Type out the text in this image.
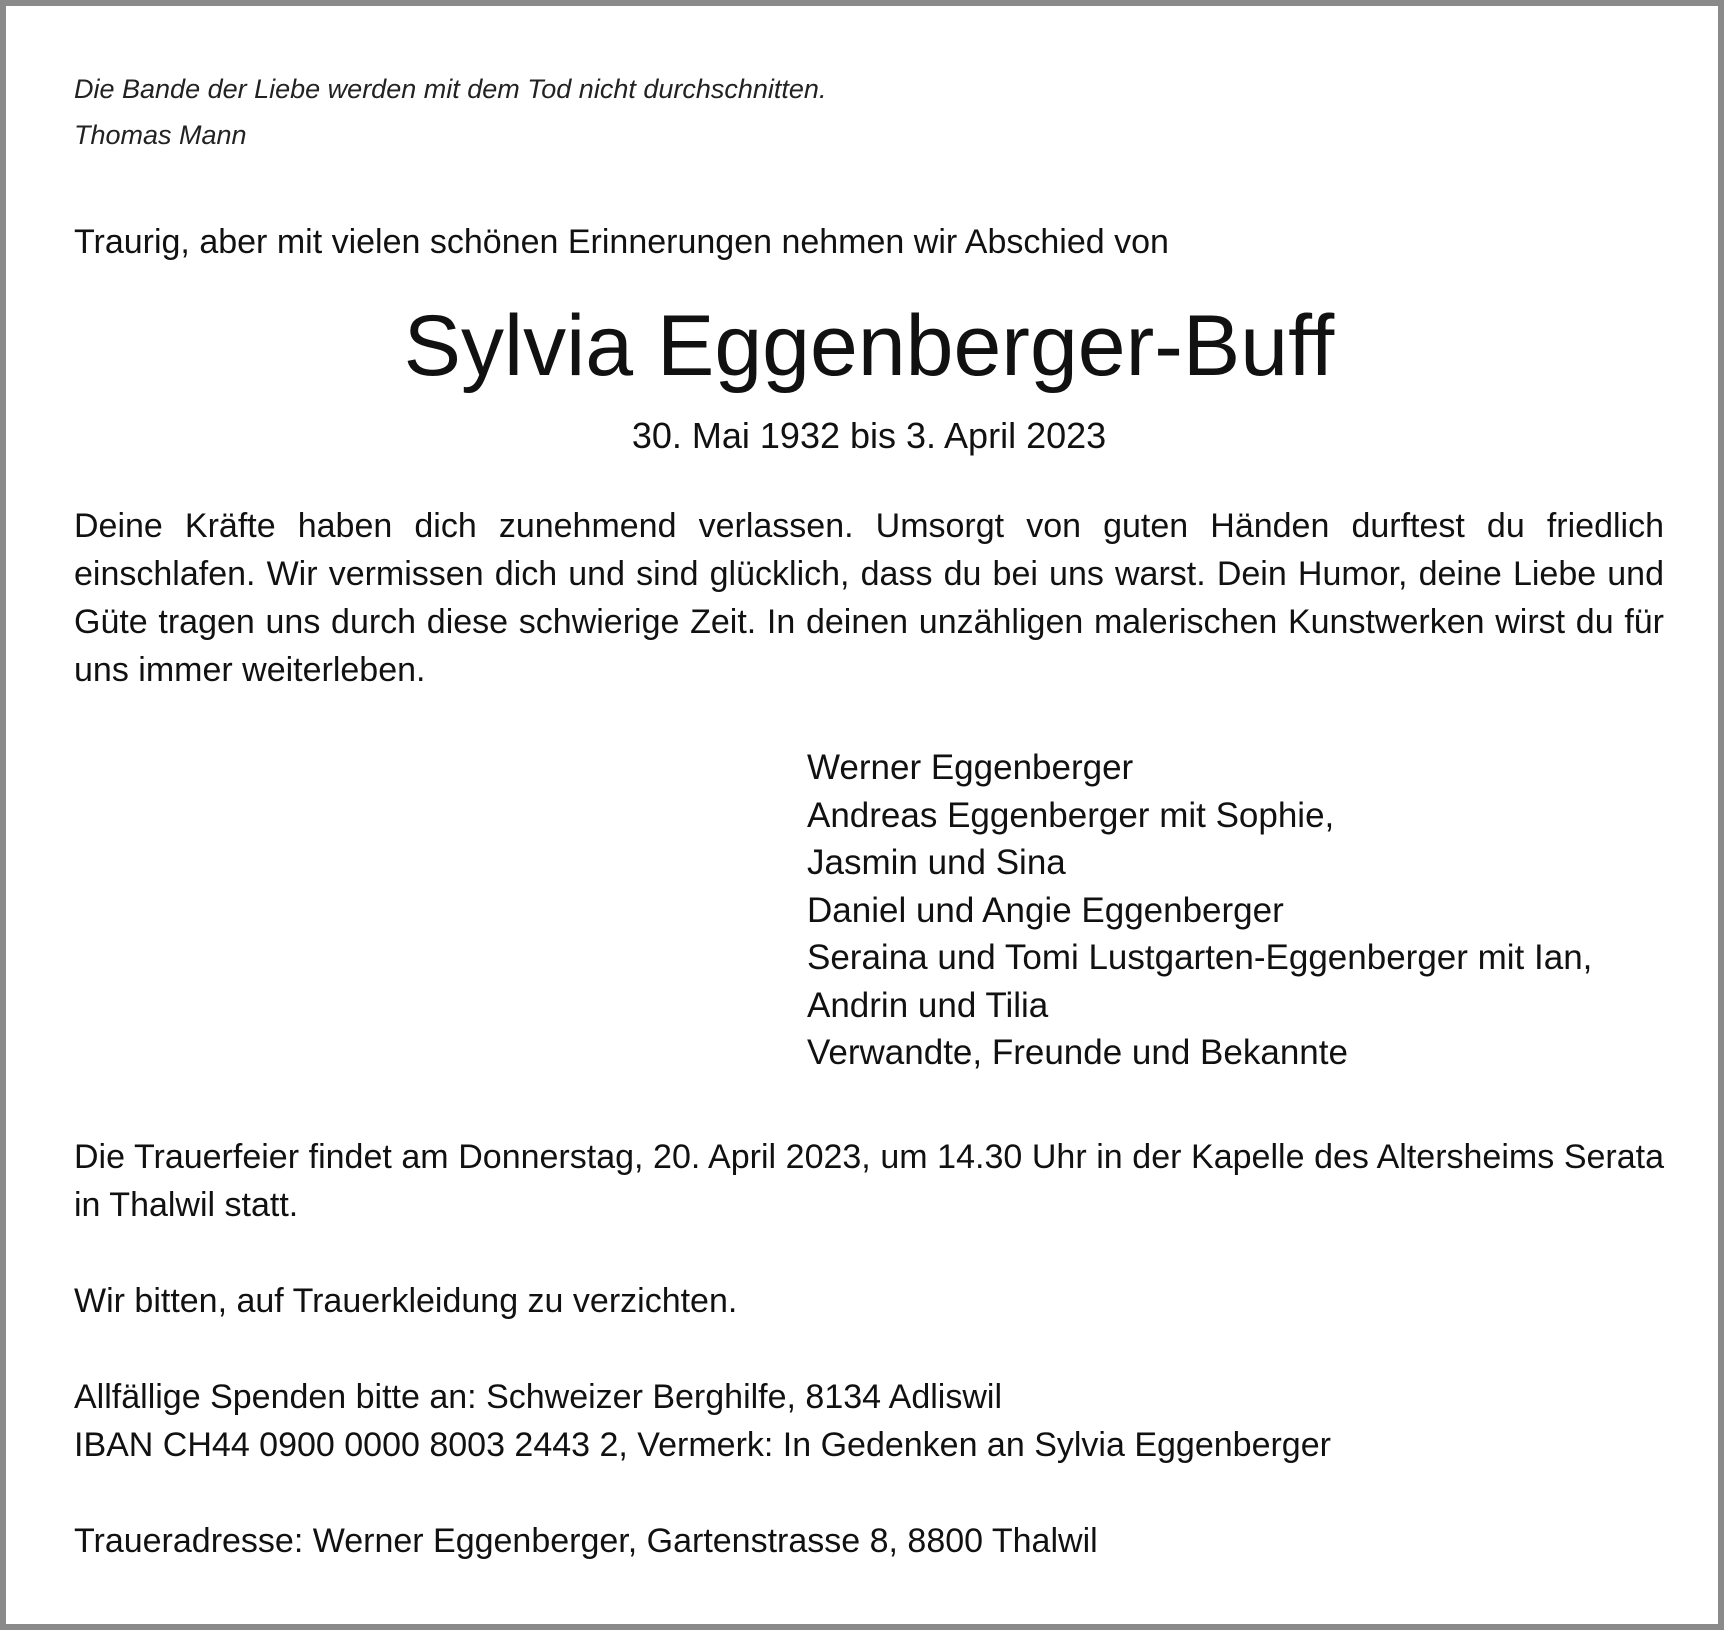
Die Bande der Liebe werden mit dem Tod nicht durchschnitten.
Thomas Mann
Traurig, aber mit vielen schönen Erinnerungen nehmen wir Abschied von
Sylvia Eggenberger-Buff
30. Mai 1932 bis 3. April 2023
Deine Kräfte haben dich zunehmend verlassen. Umsorgt von guten Händen durftest du friedlich einschlafen. Wir vermissen dich und sind glücklich, dass du bei uns warst. Dein Humor, deine Liebe und Güte tragen uns durch diese schwierige Zeit. In deinen unzähligen malerischen Kunstwerken wirst du für uns immer weiterleben.
Werner Eggenberger
Andreas Eggenberger mit Sophie,
Jasmin und Sina
Daniel und Angie Eggenberger
Seraina und Tomi Lustgarten-Eggenberger mit Ian,
Andrin und Tilia
Verwandte, Freunde und Bekannte
Die Trauerfeier findet am Donnerstag, 20. April 2023, um 14.30 Uhr in der Kapelle des Altersheims Serata in Thalwil statt.
Wir bitten, auf Trauerkleidung zu verzichten.
Allfällige Spenden bitte an: Schweizer Berghilfe, 8134 Adliswil
IBAN CH44 0900 0000 8003 2443 2, Vermerk: In Gedenken an Sylvia Eggenberger
Traueradresse: Werner Eggenberger, Gartenstrasse 8, 8800 Thalwil
